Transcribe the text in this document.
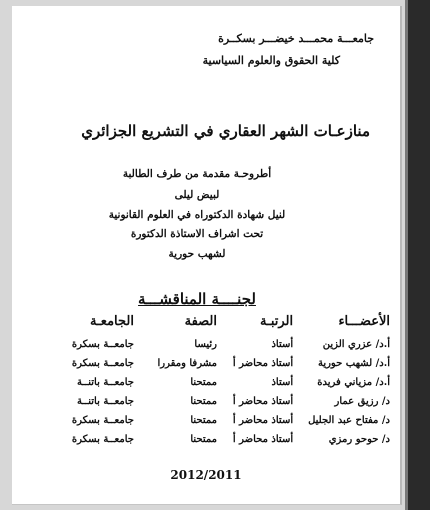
جامعـــة محمـــد خيضـــر بسكــرة
كلية الحقوق والعلوم السياسية
منازعـات الشهر العقاري في التشريع الجزائري
أطروحـة مقدمة من طرف الطالبة
لبيض ليلى
لنيل شهادة الدكتوراه في العلوم القانونية
تحت اشراف الاستاذة الدكتورة
لشهب حورية
لجنــــة المناقشـــة
الأعضـــاء	الرتبـة	الصفة	الجامعـة
أ.د/ عزري الزين	أستاذ	رئيسا	جامعــة بسكرة
أ.د/ لشهب حورية	أستاذ محاضر أ	مشرفا ومقررا	جامعــة بسكرة
أ.د/ مزياني فريدة	أستاذ	ممتحنا	جامعــة باتنــة
د/ رزيق عمار	أستاذ محاضر أ	ممتحنا	جامعــة باتنــة
د/ مفتاح عبد الجليل	أستاذ محاضر أ	ممتحنا	جامعــة بسكرة
د/ حوحو رمزي	أستاذ محاضر أ	ممتحنا	جامعــة بسكرة
2012/2011
